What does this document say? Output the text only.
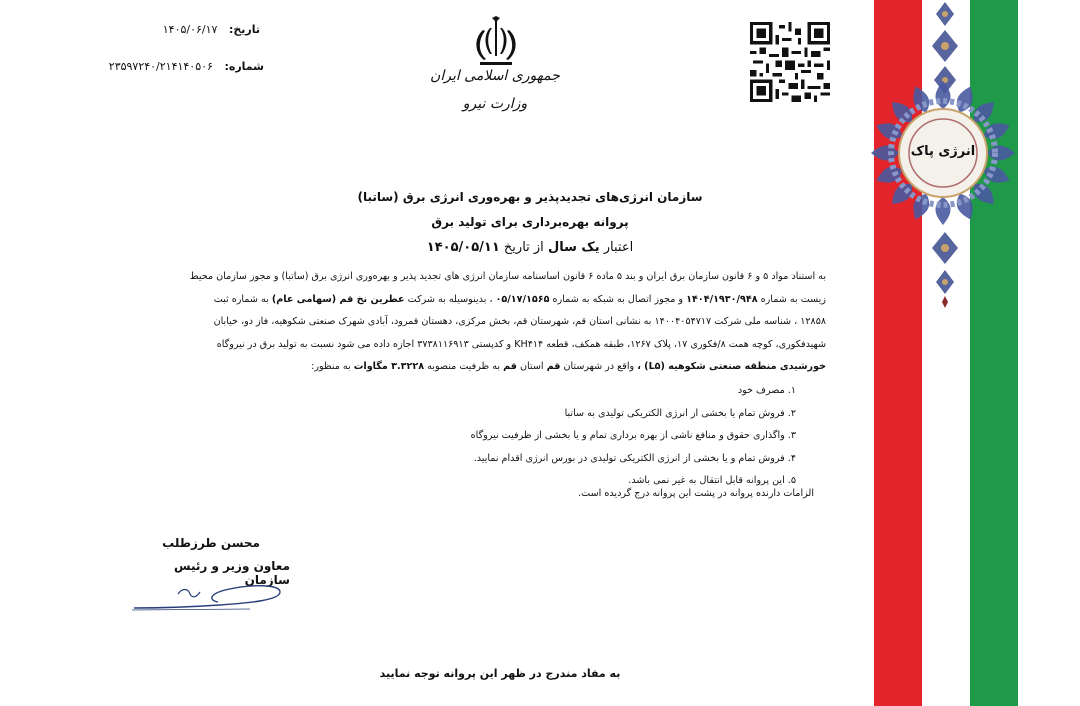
انرژی پاک
تاریخ: ۱۴۰۵/۰۶/۱۷
شماره: ۲۳۵۹۷۲۴۰/۲۱۴۱۴۰۵۰۶
جمهوری اسلامی ایران
وزارت نیرو
سازمان انرژی‌های تجدیدپذیر و بهره‌وری انرژی برق (ساتبا)
پروانه بهره‌برداری برای تولید برق
اعتبار یک سال از تاریخ ۱۴۰۵/۰۵/۱۱
به استناد مواد ۵ و ۶ قانون سازمان برق ایران و بند ۵ ماده ۶ قانون اساسنامه سازمان انرژی های تجدید پذیر و بهره‌وری انرژی برق (ساتبا) و مجوز سازمان محیط
زیست به شماره ۱۴۰۴/۱۹۳۰/۹۴۸ و مجوز اتصال به شبکه به شماره ۰۵/۱۷/۱۵۶۵ ، بدینوسیله به شرکت عطرین نخ قم (سهامی عام) به شماره ثبت
۱۲۸۵۸ ، شناسه ملی شرکت ۱۴۰۰۴۰۵۴۷۱۷ به نشانی استان قم، شهرستان قم، بخش مرکزی، دهستان قمرود، آبادی شهرک صنعتی شکوهیه، فاز دو، خیابان
شهیدفکوری، کوچه همت ۸/فکوری ۱۷، پلاک ۱۲۶۷، طبقه همکف، قطعه KH۴۱۴ و کدپستی ۳۷۳۸۱۱۶۹۱۳ اجازه داده می شود نسبت به تولید برق در نیروگاه
خورشیدی منطقه صنعتی شکوهیه (L۵) ، واقع در شهرستان قم استان قم به ظرفیت منصوبه ۳.۳۲۲۸ مگاوات به منظور:
۱. مصرف خود
۲. فروش تمام یا بخشی از انرژی الکتریکی تولیدی به ساتبا
۳. واگذاری حقوق و منافع ناشی از بهره برداری تمام و یا بخشی از ظرفیت نیروگاه
۴. فروش تمام و یا بخشی از انرژی الکتریکی تولیدی در بورس انرژی اقدام نمایید.
۵. این پروانه قابل انتقال به غیر نمی باشد.
الزامات دارنده پروانه در پشت این پروانه درج گردیده است.
محسن طرزطلب
معاون وزیر و رئیس سازمان
به مفاد مندرج در ظهر این پروانه توجه نمایید
